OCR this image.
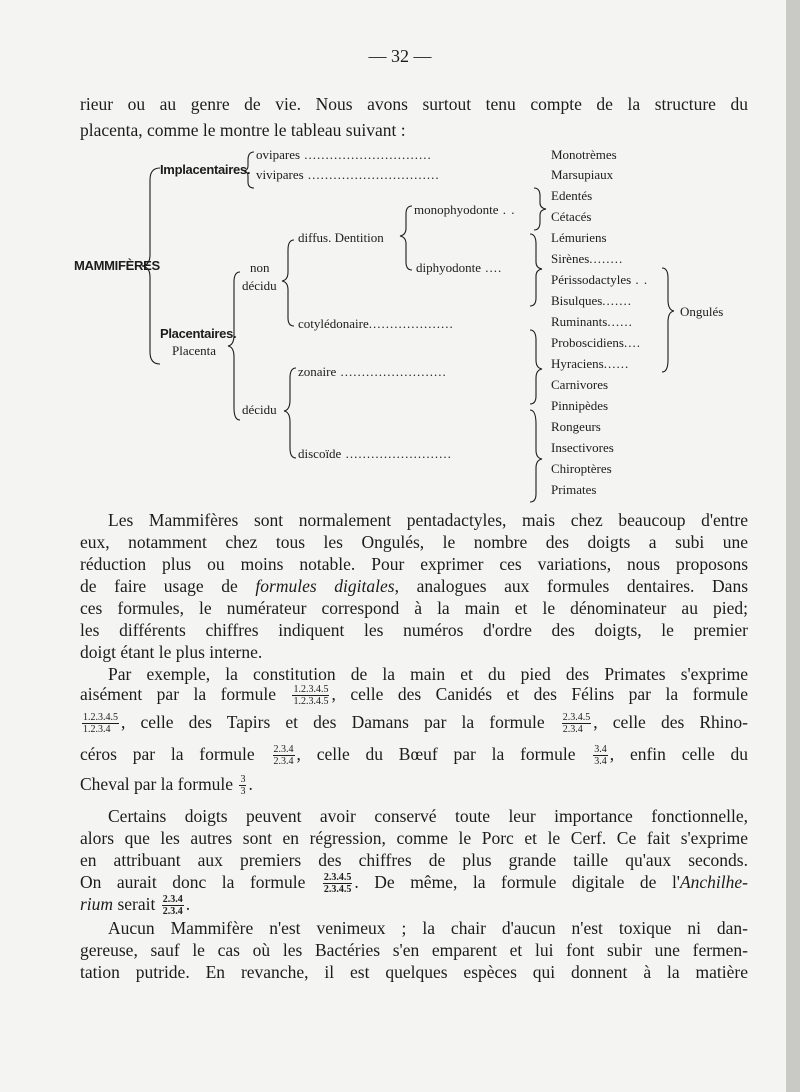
— 32 —
rieur ou au genre de vie. Nous avons surtout tenu compte de la structure du
placenta, comme le montre le tableau suivant :
MAMMIFÈRES
Implacentaires.
ovipares ..............................
vivipares ...............................
Placentaires.
Placenta
non
décidu
diffus. Dentition
monophyodonte . .
diphyodonte ....
cotylédonaire....................
décidu
zonaire .........................
discoïde .........................
Monotrèmes
Marsupiaux
Edentés
Cétacés
Lémuriens
Sirènes........
Périssodactyles . .
Bisulques.......
Ruminants......
Proboscidiens....
Hyraciens......
Carnivores
Pinnipèdes
Rongeurs
Insectivores
Chiroptères
Primates
Ongulés
Les Mammifères sont normalement pentadactyles, mais chez beaucoup d'entre
eux, notamment chez tous les Ongulés, le nombre des doigts a subi une
réduction plus ou moins notable. Pour exprimer ces variations, nous proposons
de faire usage de formules digitales, analogues aux formules dentaires. Dans
ces formules, le numérateur correspond à la main et le dénominateur au pied;
les différents chiffres indiquent les numéros d'ordre des doigts, le premier
doigt étant le plus interne.
Par exemple, la constitution de la main et du pied des Primates s'exprime
aisément par la formule $\frac{1.2.3.4.5}{1.2.3.4.5}$ , celle des Canidés et des Félins par la formule
$\frac{1.2.3.4.5}{1.2.3.4}$ , celle des Tapirs et des Damans par la formule $\frac{2.3.4.5}{2.3.4}$ , celle des Rhino-
céros par la formule $\frac{2.3.4}{2.3.4}$ , celle du Bœuf par la formule $\frac{3.4}{3.4}$ , enfin celle du
Cheval par la formule $\frac{3}{3}$ .
Certains doigts peuvent avoir conservé toute leur importance fonctionnelle,
alors que les autres sont en régression, comme le Porc et le Cerf. Ce fait s'exprime
en attribuant aux premiers des chiffres de plus grande taille qu'aux seconds.
On aurait donc la formule $\frac{2.3.4.5}{2.3.4.5}$ . De même, la formule digitale de l'Anchilhe-
rium serait $\frac{2.3.4}{2.3.4}$ .
Aucun Mammifère n'est venimeux ; la chair d'aucun n'est toxique ni dan-
gereuse, sauf le cas où les Bactéries s'en emparent et lui font subir une fermen-
tation putride. En revanche, il est quelques espèces qui donnent à la matière
